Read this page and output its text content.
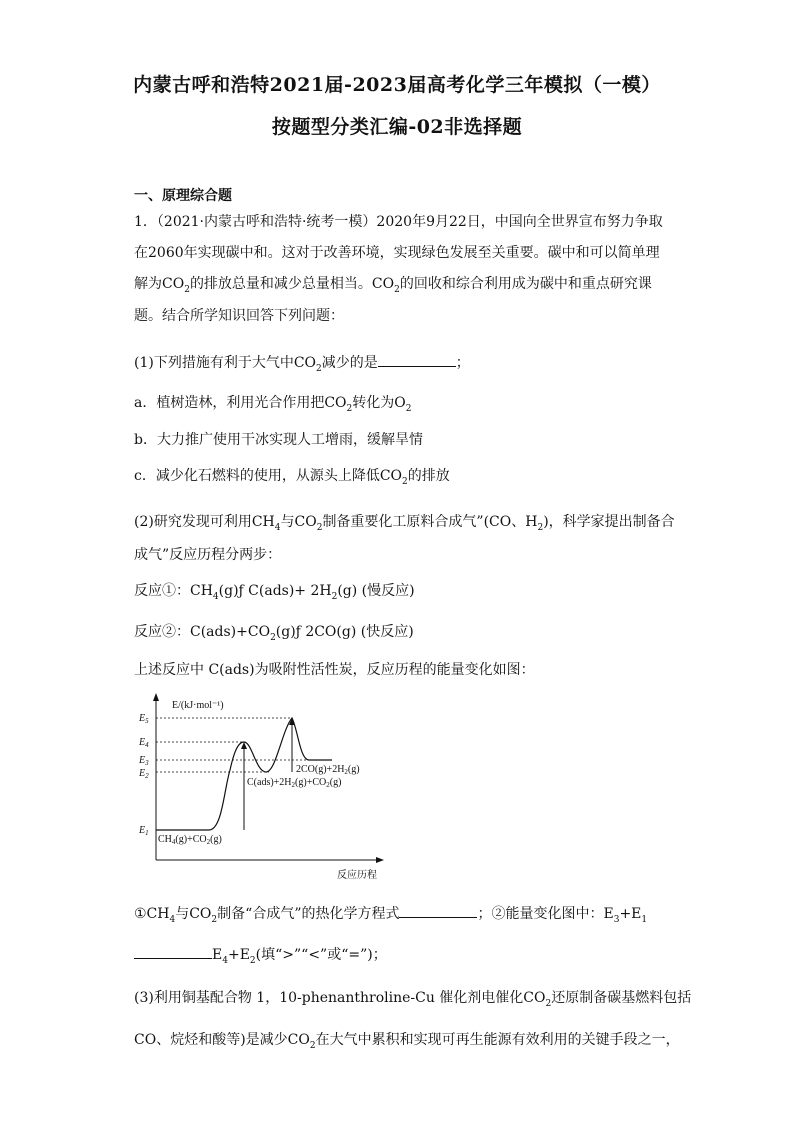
内蒙古呼和浩特2021届-2023届高考化学三年模拟（一模）
按题型分类汇编-02非选择题
一、原理综合题
1．（2021·内蒙古呼和浩特·统考一模）2020年9月22日，中国向全世界宣布努力争取
在2060年实现碳中和。这对于改善环境，实现绿色发展至关重要。碳中和可以简单理
解为$CO_2$的排放总量和减少总量相当。$CO_2$的回收和综合利用成为碳中和重点研究课
题。结合所学知识回答下列问题：
(1)下列措施有利于大气中$CO_2$减少的是	；
a．植树造林，利用光合作用把$CO_2$转化为$O_2$
b．大力推广使用干冰实现人工增雨，缓解旱情
c．减少化石燃料的使用，从源头上降低$CO_2$的排放
(2)研究发现可利用$CH_4$与$CO_2$制备重要化工原料合成气”(CO、$H_2$)，科学家提出制备合
成气”反应历程分两步：
反应①：$CH_4(g)ƒ$ $C(ads)+ 2H_2(g)$ (慢反应)
反应②：$C(ads)+CO_2(g)ƒ$ 2CO(g) (快反应)
上述反应中 C(ads)为吸附性活性炭，反应历程的能量变化如图：
E/(kJ·mol⁻¹)
$E_5$
$E_4$
$E_3$
$E_2$
$E_1$
$CH_4(g)+CO_2(g)$
$C(ads)+2H_2(g)+CO_2(g)$
$2CO(g)+2H_2(g)$
反应历程
$①CH_4$与$CO_2$制备“合成气”的热化学方程式	；②能量变化图中：$E_3+E_1$
$E_4+E_2$(填“>”“<”或“=”)；
(3)利用铜基配合物 1，10-phenanthroline-Cu 催化剂电催化$CO_2$还原制备碳基燃料包括
CO、烷烃和酸等)是减少$CO_2$在大气中累积和实现可再生能源有效利用的关键手段之一，
